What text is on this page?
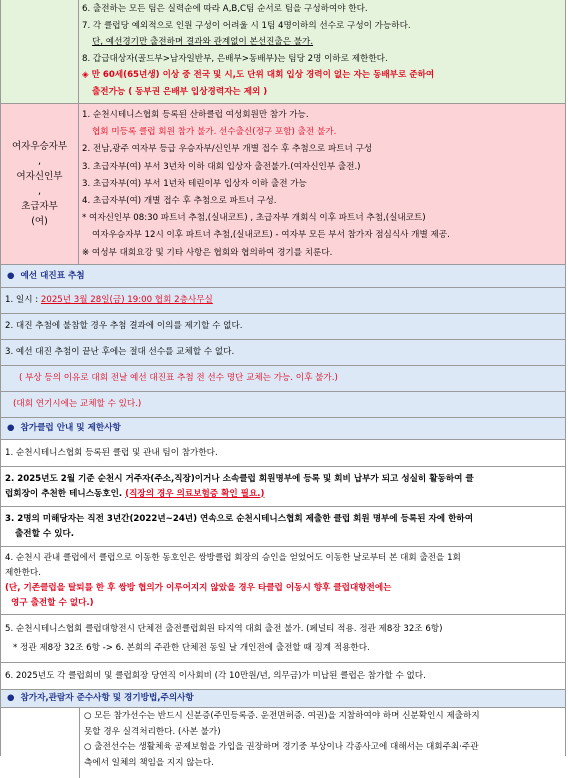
6. 출전하는 모든 팀은 실력순에 따라 A,B,C팀 순서로 팀을 구성하여야 한다.
7. 각 클럽당 예외적으로 인원 구성이 어려울 시 1팀 4명이하의 선수로 구성이 가능하다.
단, 예선경기만 출전하며 결과와 관계없이 본선진출은 불가.
8. 갑급대상자(골드부>남자일반부, 은배부>동배부)는 팀당 2명 이하로 제한한다.
◈ 만 60세(65년생) 이상 중 전국 및 시,도 단위 대회 입상 경력이 없는 자는 동배부로 준하여
출전가능 ( 동부권 은배부 입상경력자는 제외 )
여자우승자부
,
여자신인부
,
초급자부
(여)
1. 순천시테니스협회 등록된 산하클럽 여성회원만 참가 가능.
협회 미등록 클럽 회원 참가 불가. 선수출신(정구 포함) 출전 불가.
2. 전남,광주 여자부 등급 우승자부/신인부 개별 접수 후 추첨으로 파트너 구성
3. 초급자부(여) 부서 3년차 이하 대회 입상자 출전불가.(여자신인부 출전.)
3. 초급자부(여) 부서 1년차 테린이부 입상자 이하 출전 가능
4. 초급자부(여) 개별 접수 후 추첨으로 파트너 구성.
* 여자신인부 08:30 파트너 추첨,(실내코트) , 초급자부 개회식 이후 파트너 추첨,(실내코트)
여자우승자부 12시 이후 파트너 추첨,(실내코트) - 여자부 모든 부서 참가자 점심식사 개별 제공.
※ 여성부 대회요강 및 기타 사항은 협회와 협의하여 경기를 치룬다.
● 예선 대진표 추첨
1. 일시 : 2025년 3월 28일(금) 19:00 협회 2층사무실
2. 대진 추첨에 불참할 경우 추첨 결과에 이의를 제기할 수 없다.
3. 예선 대진 추첨이 끝난 후에는 절대 선수를 교체할 수 없다.
( 부상 등의 이유로 대회 전날 예선 대진표 추첨 전 선수 명단 교체는 가능. 이후 불가.)
(대회 연기시에는 교체할 수 있다.)
● 참가클럽 안내 및 제한사항
1. 순천시테니스협회 등록된 클럽 및 관내 팀이 참가한다.
2. 2025년도 2월 기준 순천시 거주자(주소,직장)이거나 소속클럽 회원명부에 등록 및 회비 납부가 되고 성실히 활동하여 클
럽회장이 추천한 테니스동호인. (직장의 경우 의료보험증 확인 필요.)
3. 2명의 미해당자는 직전 3년간(2022년~24년) 연속으로 순천시테니스협회 제출한 클럽 회원 명부에 등록된 자에 한하여
출전할 수 있다.
4. 순천시 관내 클럽에서 클럽으로 이동한 동호인은 쌍방클럽 회장의 승인을 얻었어도 이동한 날로부터 본 대회 출전을 1회
제한한다.
(단, 기존클럽을 탈퇴를 한 후 쌍방 협의가 이루어지지 않았을 경우 타클럽 이동시 향후 클럽대항전에는
영구 출전할 수 없다.)
5. 순천시테니스협회 클럽대항전시 단체전 출전클럽회원 타지역 대회 출전 불가. (페널티 적용. 정관 제8장 32조 6항)
* 정관 제8장 32조 6항 -> 6. 본회의 주관한 단체전 동일 날 개인전에 출전할 때 징계 적용한다.
6. 2025년도 각 클럽회비 및 클럽회장 당연직 이사회비 (각 10만원/년, 의무금)가 미납된 클럽은 참가할 수 없다.
● 참가자,관람자 준수사항 및 경기방법,주의사항
○ 모든 참가선수는 반드시 신분증(주민등록증. 운전면허증. 여권)을 지참하여야 하며 신분확인시 제출하지
못할 경우 실격처리한다. (사본 불가)
○ 출전선수는 생활체육 공제보험을 가입을 권장하며 경기중 부상이나 각종사고에 대해서는 대회주최·주관
측에서 일체의 책임을 지지 않는다.
